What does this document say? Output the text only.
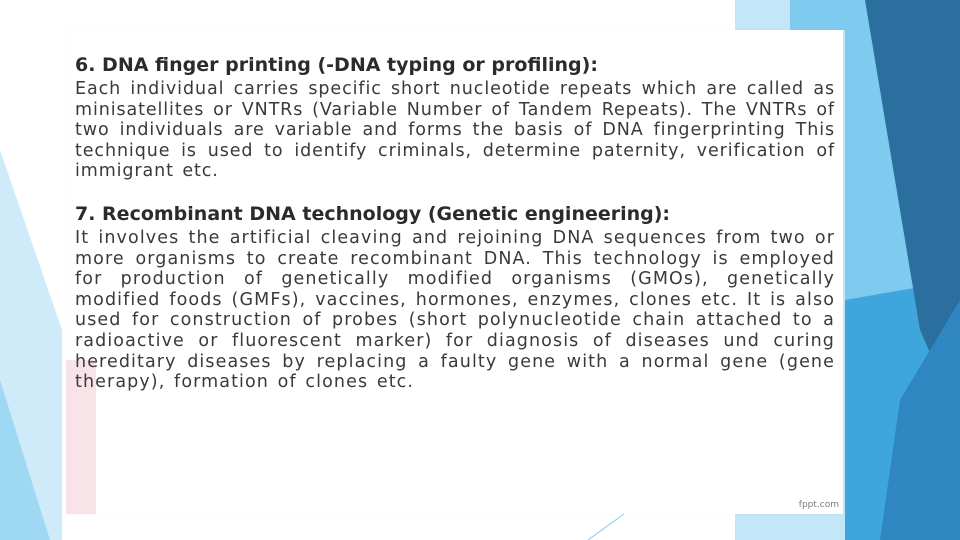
6. DNA finger printing (-DNA typing or profiling):

Each individual carries specific short nucleotide repeats which are called as minisatellites or VNTRs (Variable Number of Tandem Repeats). The VNTRs of two individuals are variable and forms the basis of DNA fingerprinting This technique is used to identify criminals, determine paternity, verification of immigrant etc.

7. Recombinant DNA technology (Genetic engineering):

It involves the artificial cleaving and rejoining DNA sequences from two or more organisms to create recombinant DNA. This technology is employed for production of genetically modified organisms (GMOs), genetically modified foods (GMFs), vaccines, hormones, enzymes, clones etc. It is also used for construction of probes (short polynucleotide chain attached to a radioactive or fluorescent marker) for diagnosis of diseases und curing hereditary diseases by replacing a faulty gene with a normal gene (gene therapy), formation of clones etc.

fppt.com
